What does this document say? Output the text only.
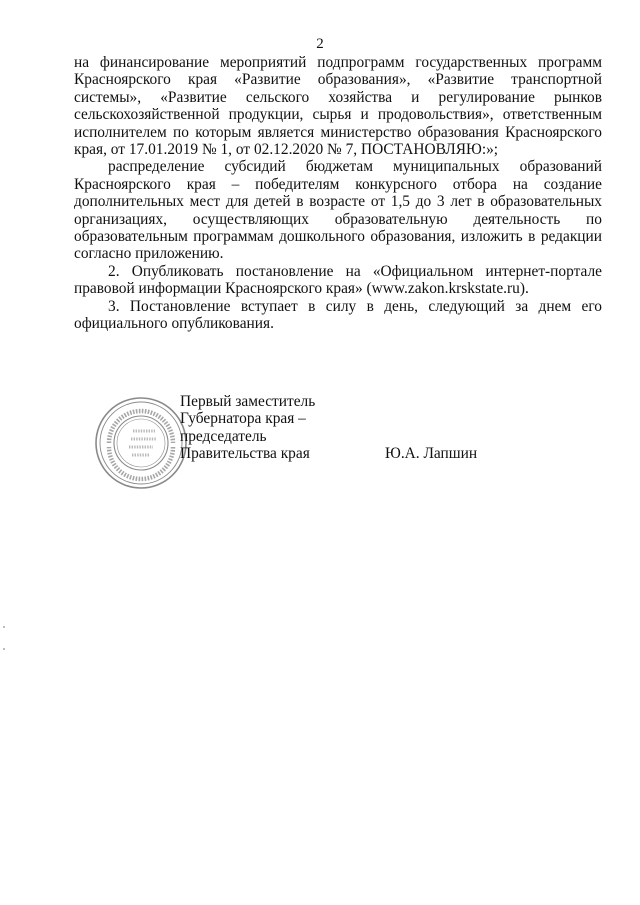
2

на финансирование мероприятий подпрограмм государственных программ Красноярского края «Развитие образования», «Развитие транспортной системы», «Развитие сельского хозяйства и регулирование рынков сельскохозяйственной продукции, сырья и продовольствия», ответственным исполнителем по которым является министерство образования Красноярского края, от 17.01.2019 № 1, от 02.12.2020 № 7, ПОСТАНОВЛЯЮ:»;

распределение субсидий бюджетам муниципальных образований Красноярского края – победителям конкурсного отбора на создание дополнительных мест для детей в возрасте от 1,5 до 3 лет в образовательных организациях, осуществляющих образовательную деятельность по образовательным программам дошкольного образования, изложить в редакции согласно приложению.

2. Опубликовать постановление на «Официальном интернет-портале правовой информации Красноярского края» (www.zakon.krskstate.ru).

3. Постановление вступает в силу в день, следующий за днем его официального опубликования.

Первый заместитель
Губернатора края –
председатель
Правительства края	Ю.А. Лапшин
